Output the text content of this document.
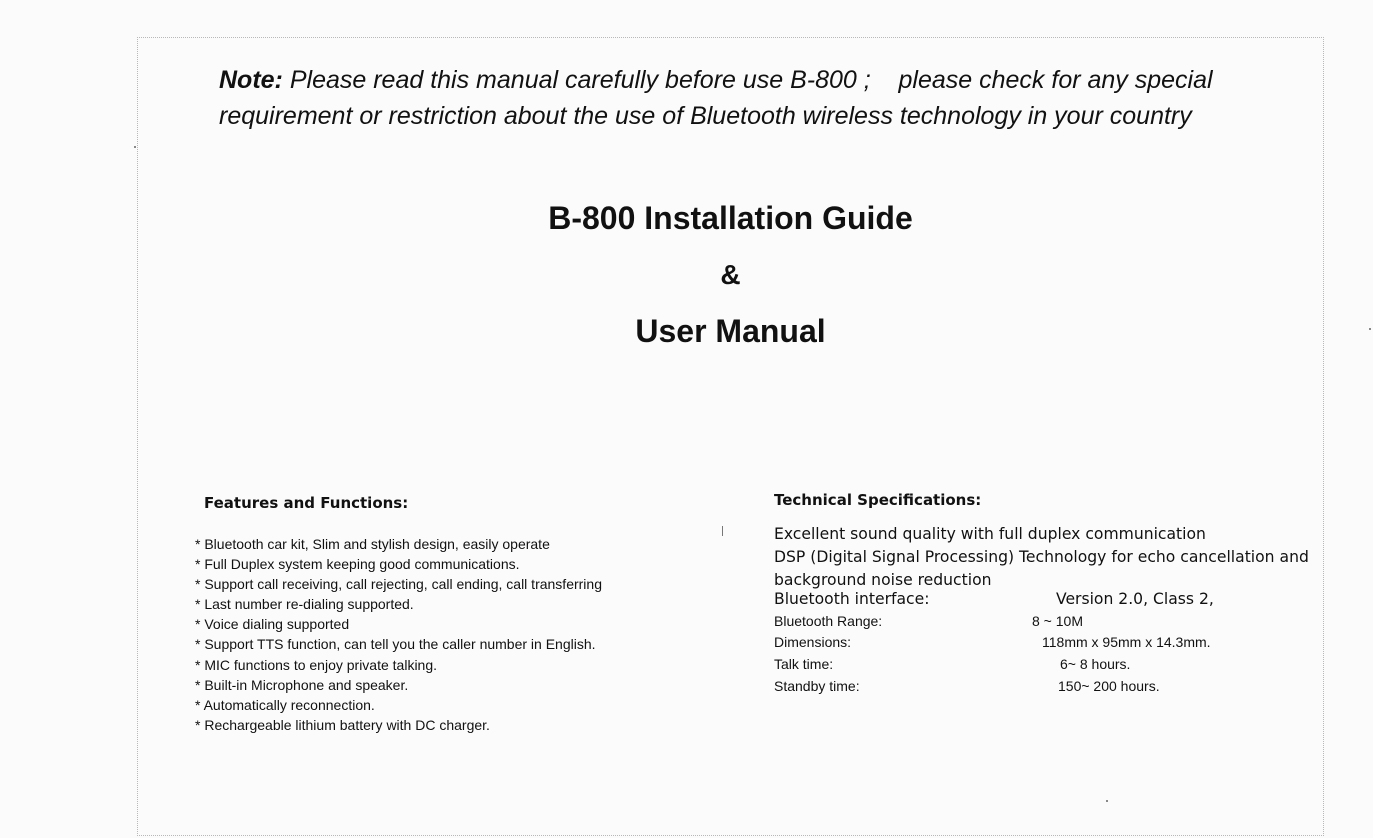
Note: Please read this manual carefully before use B-800 ;    please check for any special requirement or restriction about the use of Bluetooth wireless technology in your country

B-800 Installation Guide
&
User Manual
Features and Functions:
* Bluetooth car kit, Slim and stylish design, easily operate
* Full Duplex system keeping good communications.
* Support call receiving, call rejecting, call ending, call transferring
* Last number re-dialing supported.
* Voice dialing supported
* Support TTS function, can tell you the caller number in English.
* MIC functions to enjoy private talking.
* Built-in Microphone and speaker.
* Automatically reconnection.
* Rechargeable lithium battery with DC charger.
Technical Specifications:
Excellent sound quality with full duplex communication
DSP (Digital Signal Processing) Technology for echo cancellation and background noise reduction
Bluetooth interface:	Version 2.0, Class 2,
Bluetooth Range:	8 ~ 10M
Dimensions:	118mm x 95mm x 14.3mm.
Talk time:	6~ 8 hours.
Standby time:	150~ 200 hours.
